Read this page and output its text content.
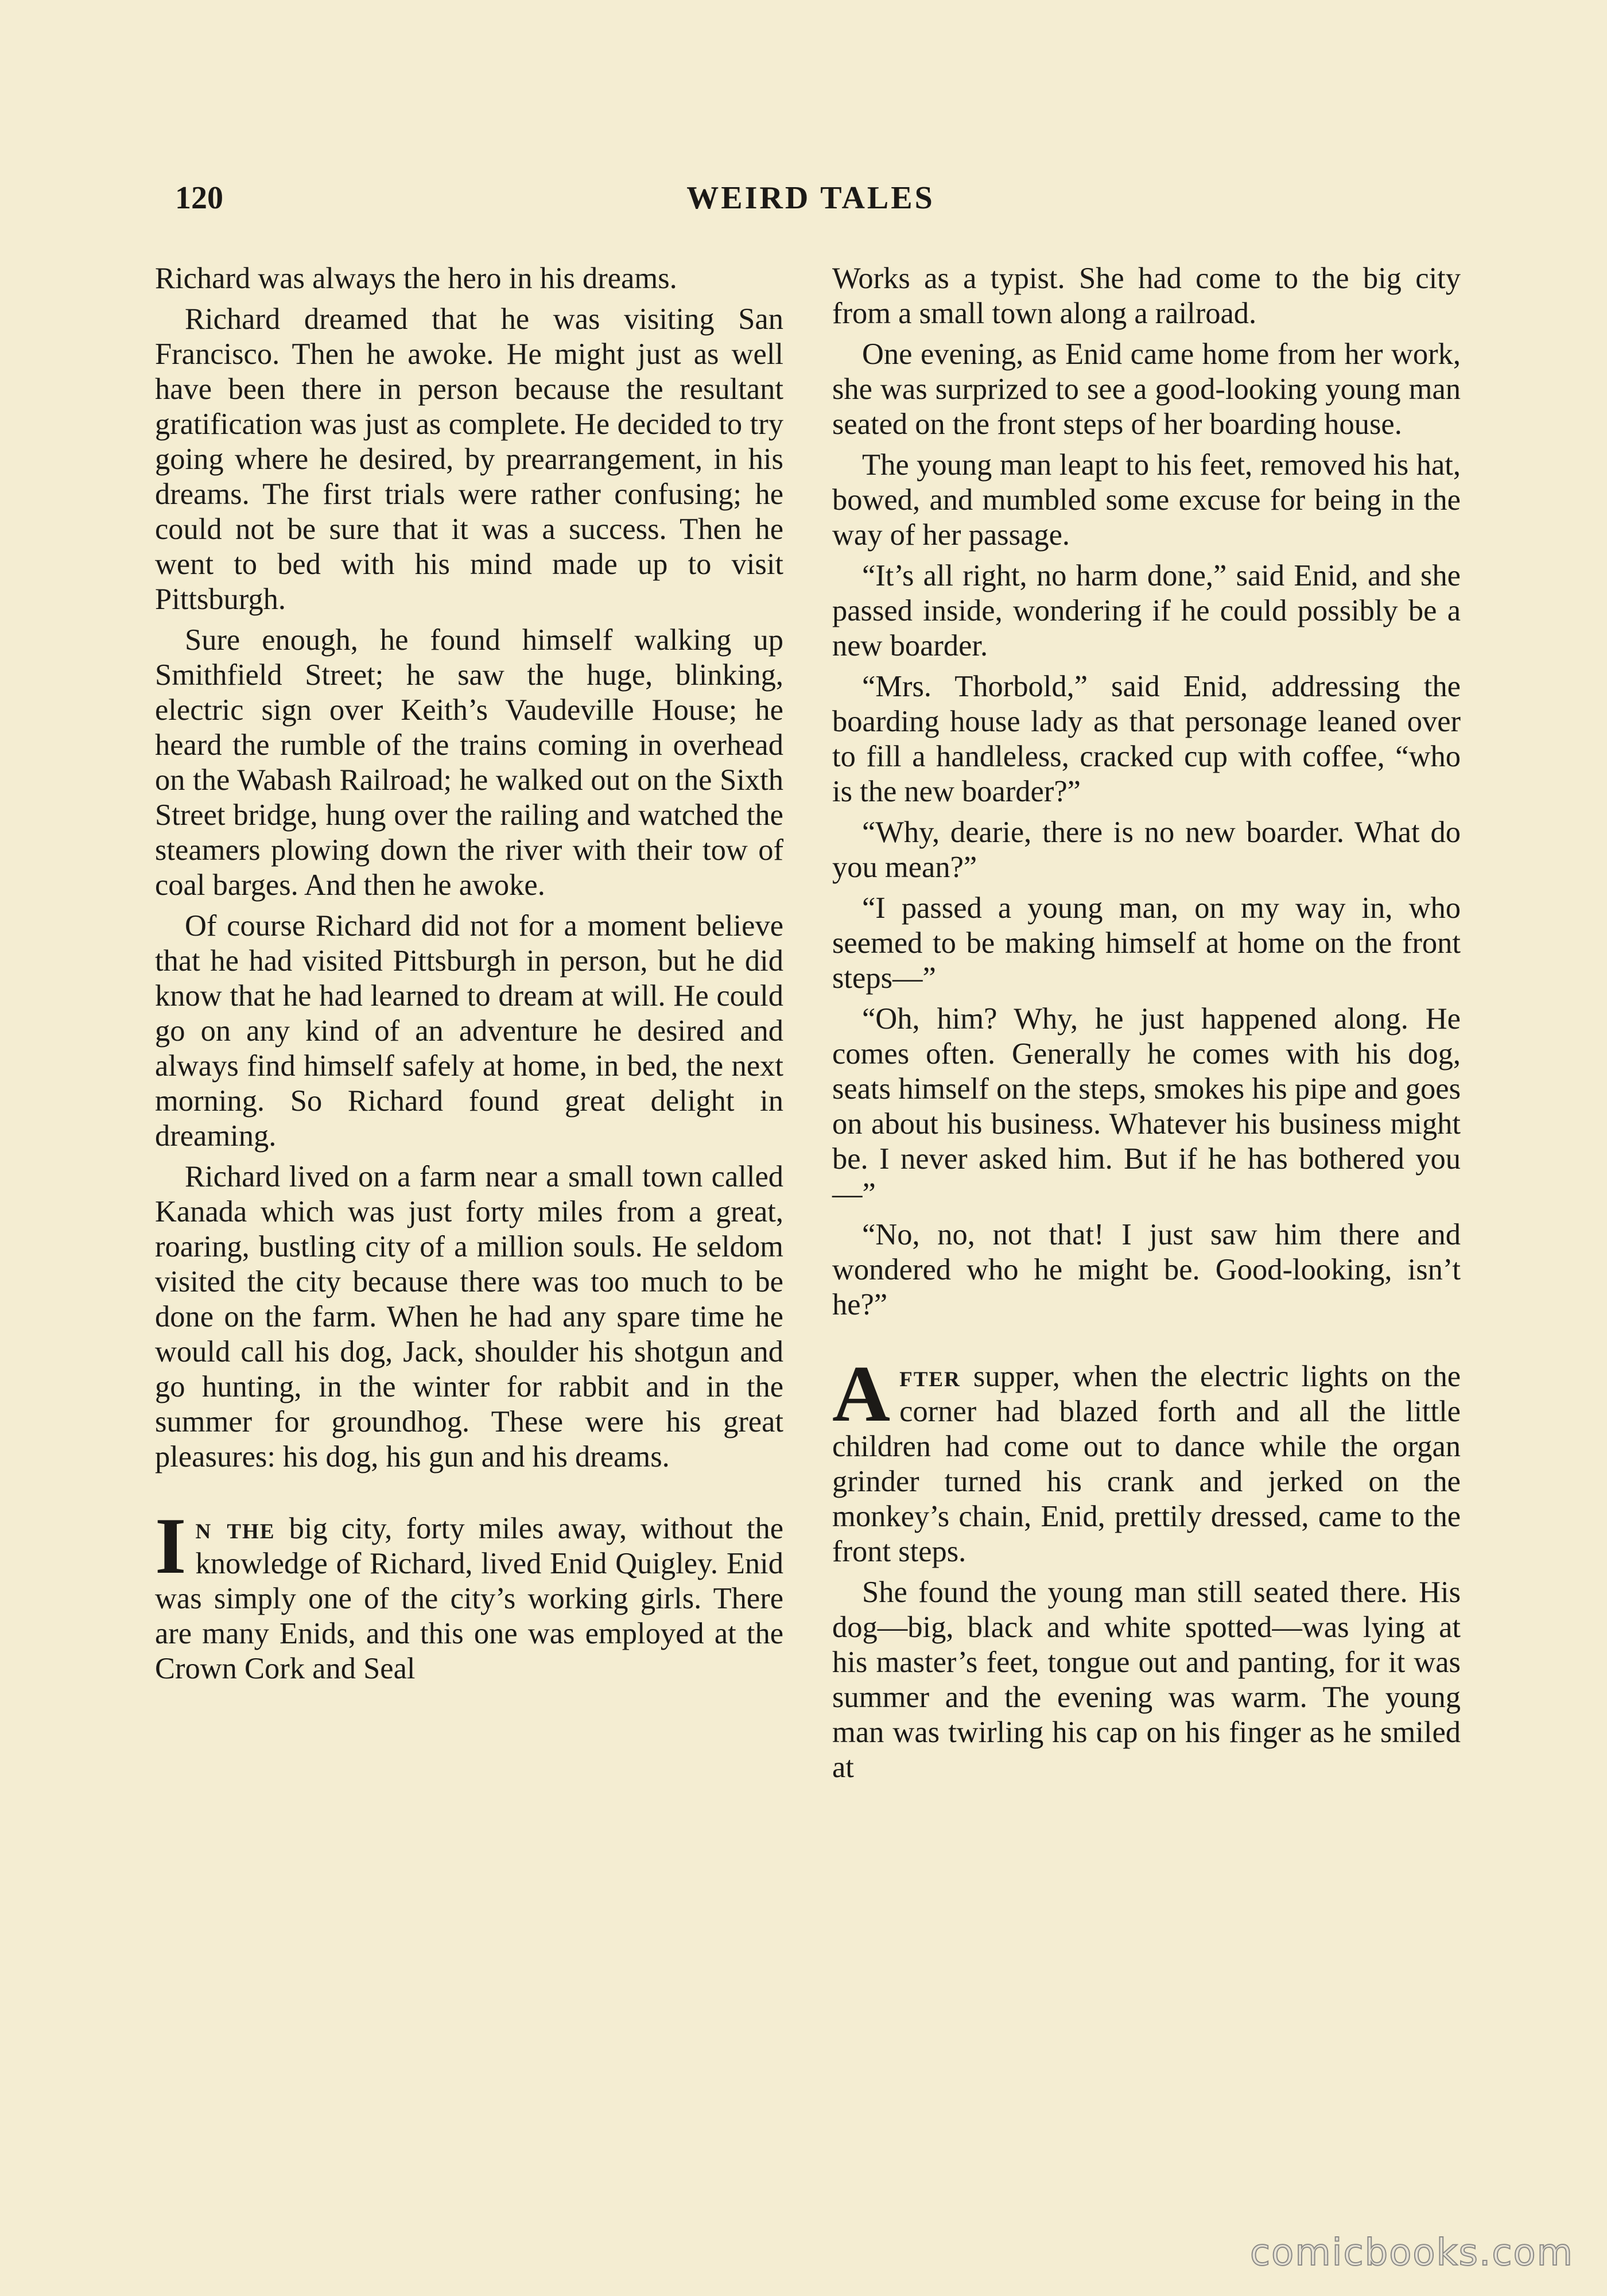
120	WEIRD TALES

Richard was always the hero in his dreams.

Richard dreamed that he was visiting San Francisco. Then he awoke. He might just as well have been there in person because the resultant gratification was just as complete. He decided to try going where he desired, by prearrangement, in his dreams. The first trials were rather confusing; he could not be sure that it was a success. Then he went to bed with his mind made up to visit Pittsburgh.

Sure enough, he found himself walking up Smithfield Street; he saw the huge, blinking, electric sign over Keith’s Vaudeville House; he heard the rumble of the trains coming in overhead on the Wabash Railroad; he walked out on the Sixth Street bridge, hung over the railing and watched the steamers plowing down the river with their tow of coal barges. And then he awoke.

Of course Richard did not for a moment believe that he had visited Pittsburgh in person, but he did know that he had learned to dream at will. He could go on any kind of an adventure he desired and always find himself safely at home, in bed, the next morning. So Richard found great delight in dreaming.

Richard lived on a farm near a small town called Kanada which was just forty miles from a great, roaring, bustling city of a million souls. He seldom visited the city because there was too much to be done on the farm. When he had any spare time he would call his dog, Jack, shoulder his shotgun and go hunting, in the winter for rabbit and in the summer for groundhog. These were his great pleasures: his dog, his gun and his dreams.

In the big city, forty miles away, without the knowledge of Richard, lived Enid Quigley. Enid was simply one of the city’s working girls. There are many Enids, and this one was employed at the Crown Cork and Seal

Works as a typist. She had come to the big city from a small town along a railroad.

One evening, as Enid came home from her work, she was surprized to see a good-looking young man seated on the front steps of her boarding house.

The young man leapt to his feet, removed his hat, bowed, and mumbled some excuse for being in the way of her passage.

“It’s all right, no harm done,” said Enid, and she passed inside, wondering if he could possibly be a new boarder.

“Mrs. Thorbold,” said Enid, addressing the boarding house lady as that personage leaned over to fill a handleless, cracked cup with coffee, “who is the new boarder?”

“Why, dearie, there is no new boarder. What do you mean?”

“I passed a young man, on my way in, who seemed to be making himself at home on the front steps—”

“Oh, him? Why, he just happened along. He comes often. Generally he comes with his dog, seats himself on the steps, smokes his pipe and goes on about his business. Whatever his business might be. I never asked him. But if he has bothered you—”

“No, no, not that! I just saw him there and wondered who he might be. Good-looking, isn’t he?”

After supper, when the electric lights on the corner had blazed forth and all the little children had come out to dance while the organ grinder turned his crank and jerked on the monkey’s chain, Enid, prettily dressed, came to the front steps.

She found the young man still seated there. His dog—big, black and white spotted—was lying at his master’s feet, tongue out and panting, for it was summer and the evening was warm. The young man was twirling his cap on his finger as he smiled at

comicbooks.com
